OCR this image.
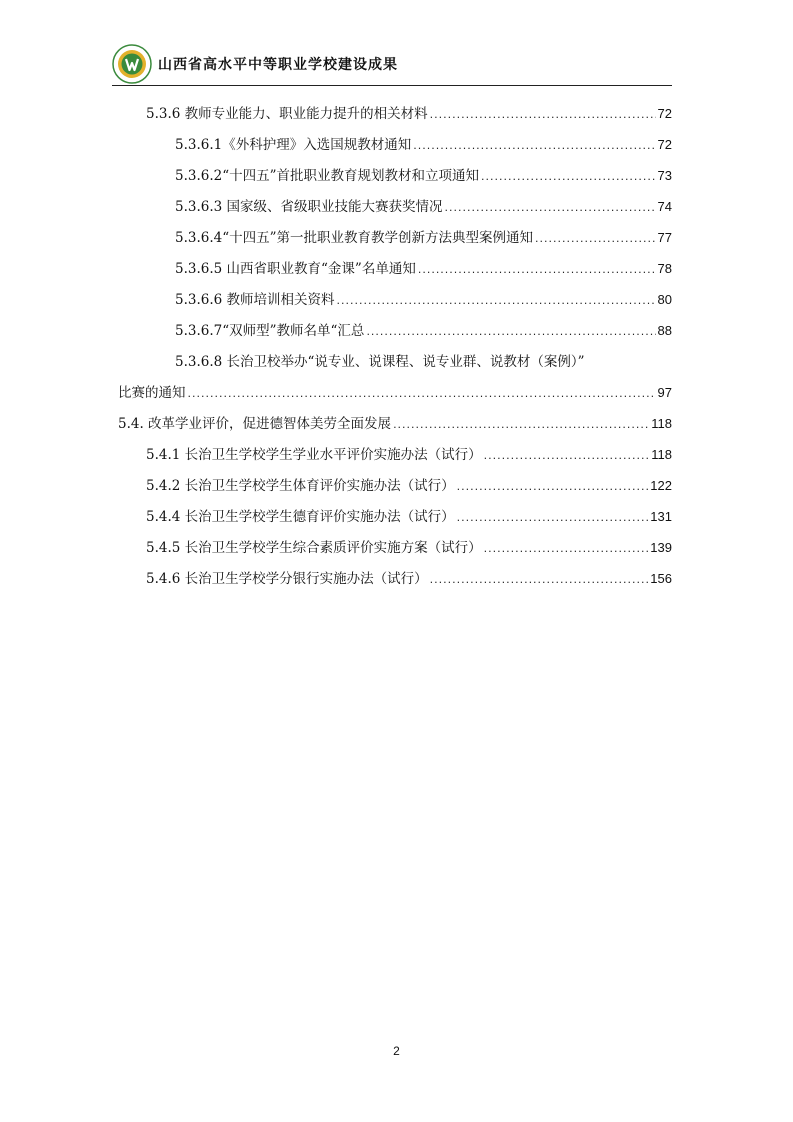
山西省高水平中等职业学校建设成果
5.3.6 教师专业能力、职业能力提升的相关材料 .....	72
5.3.6.1《外科护理》入选国规教材通知 .....	72
5.3.6.2“十四五”首批职业教育规划教材和立项通知 .....	73
5.3.6.3 国家级、省级职业技能大赛获奖情况 .....	74
5.3.6.4“十四五”第一批职业教育教学创新方法典型案例通知 .....	77
5.3.6.5 山西省职业教育“金课”名单通知 .....	78
5.3.6.6 教师培训相关资料 .....	80
5.3.6.7“双师型”教师名单“汇总 .....	88
5.3.6.8 长治卫校举办“说专业、说课程、说专业群、说教材（案例）”
比赛的通知 .....	97
5.4. 改革学业评价，促进德智体美劳全面发展 .....	118
5.4.1 长治卫生学校学生学业水平评价实施办法（试行） .....	118
5.4.2 长治卫生学校学生体育评价实施办法（试行） .....	122
5.4.4 长治卫生学校学生德育评价实施办法（试行） .....	131
5.4.5 长治卫生学校学生综合素质评价实施方案（试行） .....	139
5.4.6 长治卫生学校学分银行实施办法（试行） .....	156
2
